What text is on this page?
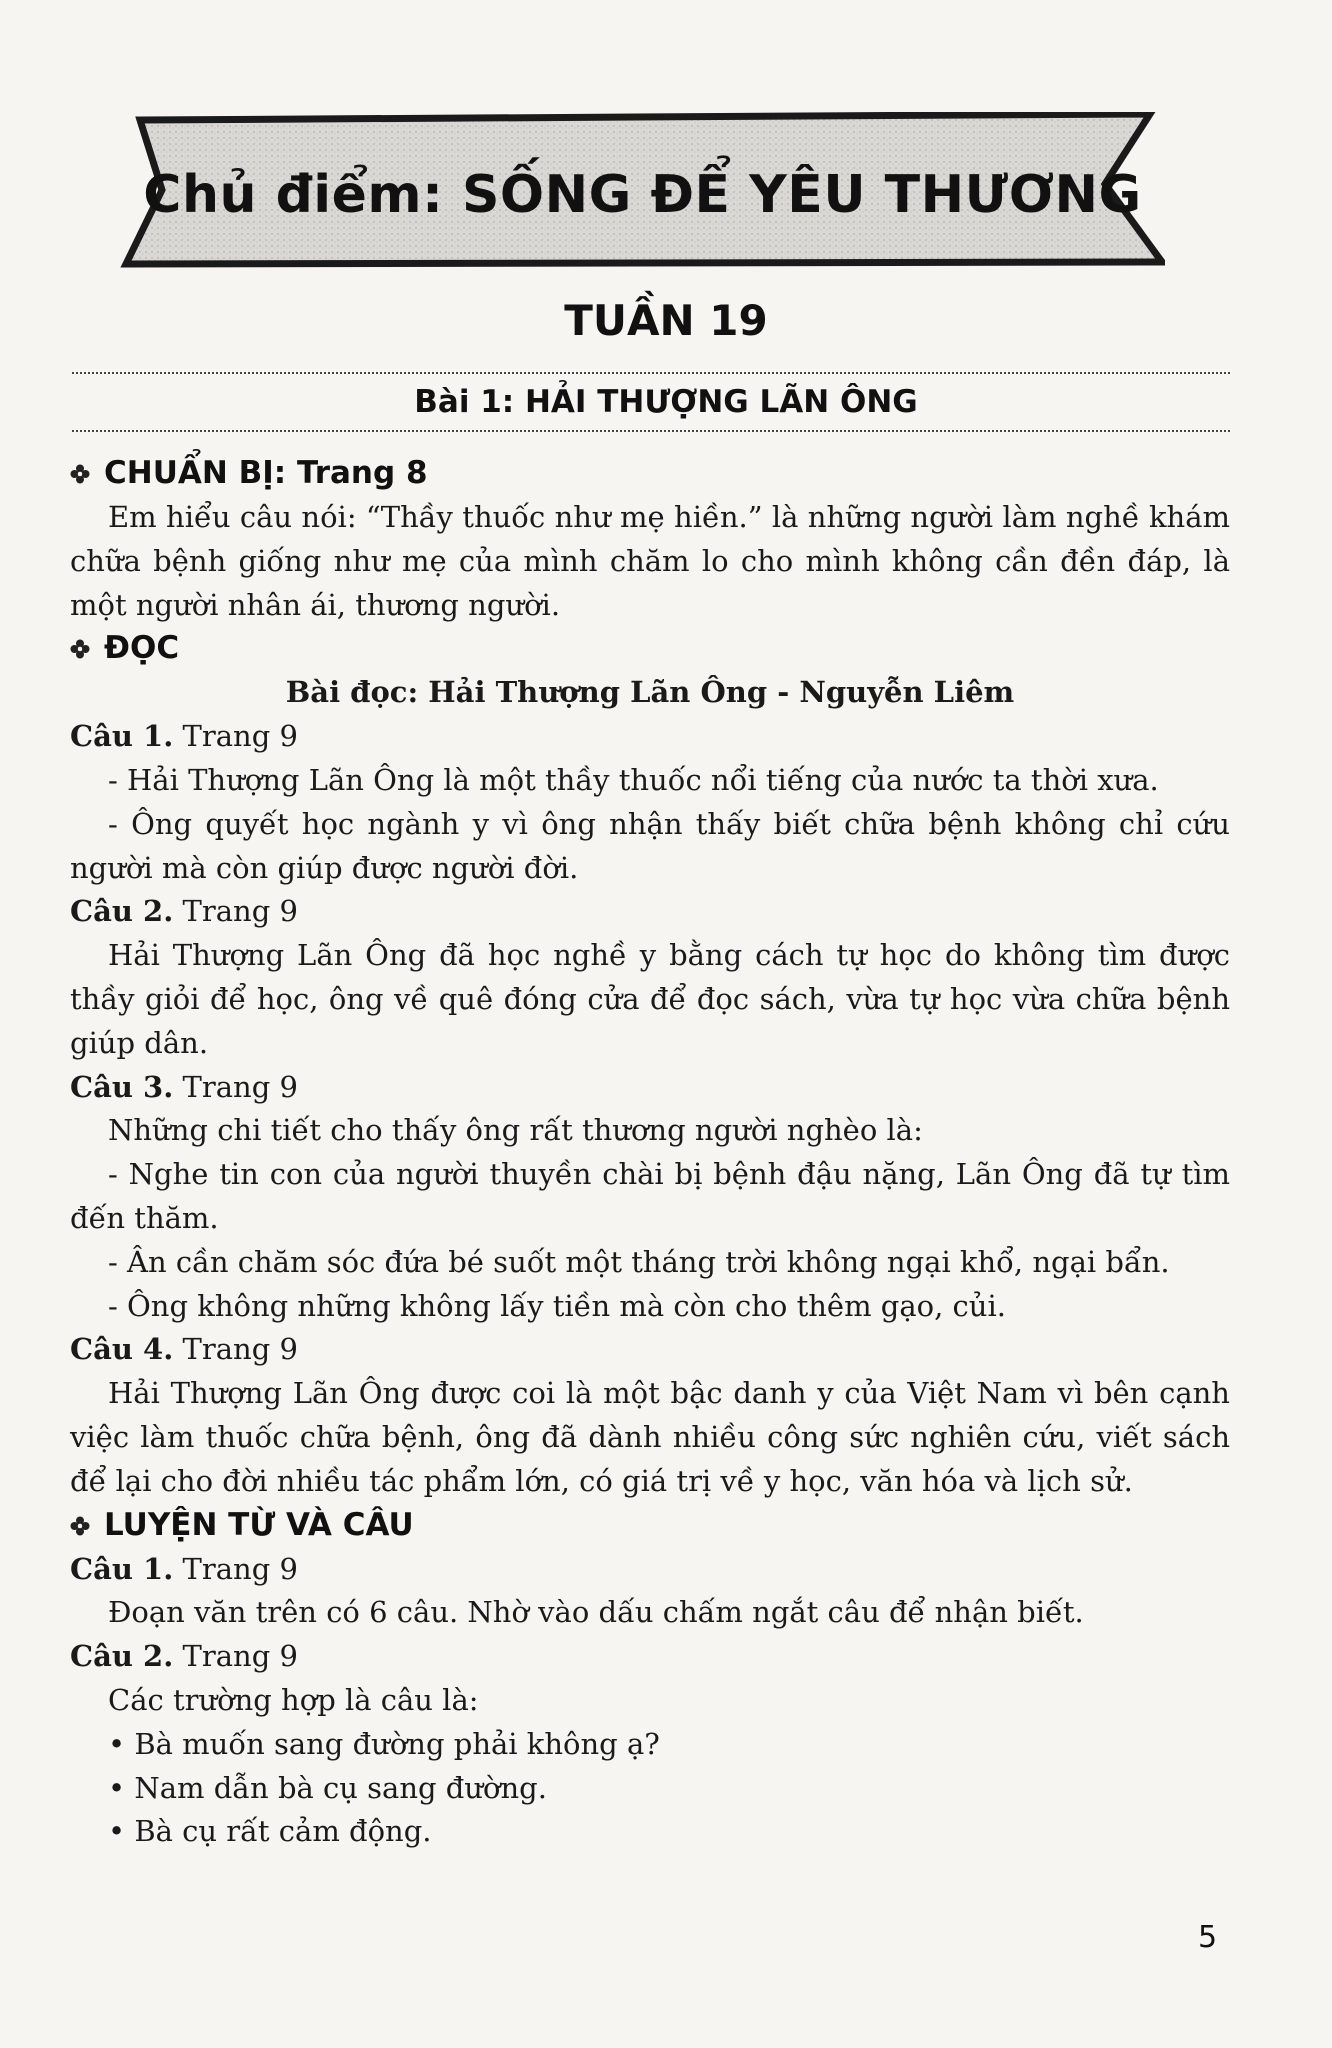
Chủ điểm: SỐNG ĐỂ YÊU THƯƠNG
TUẦN 19
Bài 1: HẢI THƯỢNG LÃN ÔNG
CHUẨN BỊ: Trang 8

Em hiểu câu nói: “Thầy thuốc như mẹ hiền.” là những người làm nghề khám chữa bệnh giống như mẹ của mình chăm lo cho mình không cần đền đáp, là một người nhân ái, thương người.

ĐỌC

Bài đọc: Hải Thượng Lãn Ông - Nguyễn Liêm

Câu 1. Trang 9

- Hải Thượng Lãn Ông là một thầy thuốc nổi tiếng của nước ta thời xưa.

- Ông quyết học ngành y vì ông nhận thấy biết chữa bệnh không chỉ cứu người mà còn giúp được người đời.

Câu 2. Trang 9

Hải Thượng Lãn Ông đã học nghề y bằng cách tự học do không tìm được thầy giỏi để học, ông về quê đóng cửa để đọc sách, vừa tự học vừa chữa bệnh giúp dân.

Câu 3. Trang 9

Những chi tiết cho thấy ông rất thương người nghèo là:

- Nghe tin con của người thuyền chài bị bệnh đậu nặng, Lãn Ông đã tự tìm đến thăm.

- Ân cần chăm sóc đứa bé suốt một tháng trời không ngại khổ, ngại bẩn.

- Ông không những không lấy tiền mà còn cho thêm gạo, củi.

Câu 4. Trang 9

Hải Thượng Lãn Ông được coi là một bậc danh y của Việt Nam vì bên cạnh việc làm thuốc chữa bệnh, ông đã dành nhiều công sức nghiên cứu, viết sách để lại cho đời nhiều tác phẩm lớn, có giá trị về y học, văn hóa và lịch sử.

LUYỆN TỪ VÀ CÂU

Câu 1. Trang 9

Đoạn văn trên có 6 câu. Nhờ vào dấu chấm ngắt câu để nhận biết.

Câu 2. Trang 9

Các trường hợp là câu là:

• Bà muốn sang đường phải không ạ?

• Nam dẫn bà cụ sang đường.

• Bà cụ rất cảm động.

5
